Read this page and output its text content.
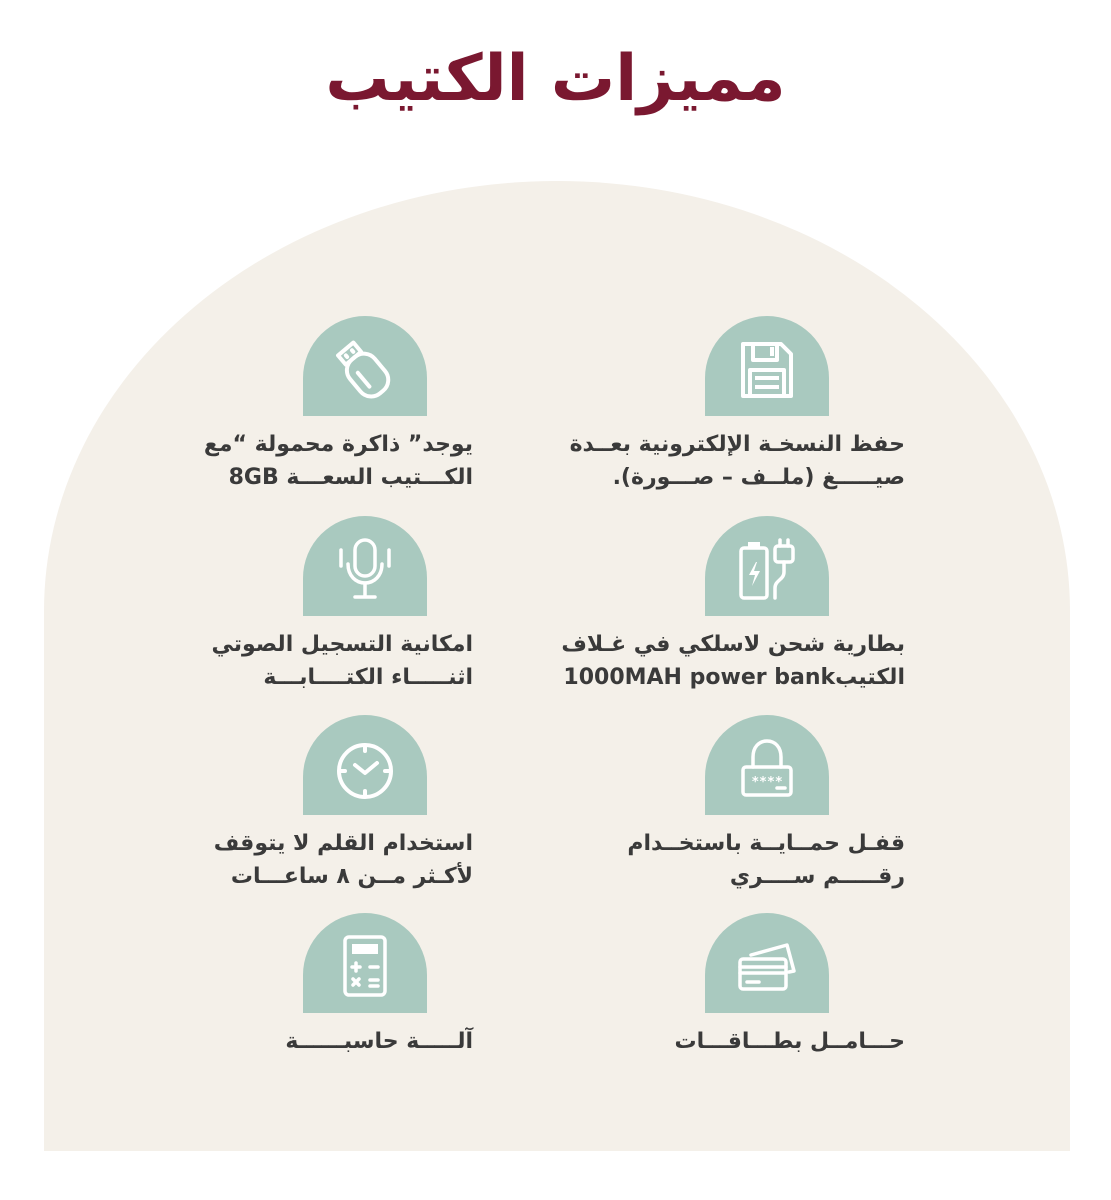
مميزات الكتيب
حفظ النسخـة الإلكترونية بعــدة
صيـــــغ (ملــف – صـــورة).
يوجد” ذاكرة محمولة “مع
الكـــتيب السعـــة 8GB
بطارية شحن لاسلكي في غـلاف
الكتيب1000MAH power bank
امكانية التسجيل الصوتي
اثنـــــاء الكتــــابـــة
****
قفـل حمــايــة باستخــدام
رقـــــم ســــري
استخدام القلم لا يتوقف
لأكـثر مــن ٨ ساعـــات
حـــامــل بطـــاقـــات
آلـــــة حاسبــــــة
